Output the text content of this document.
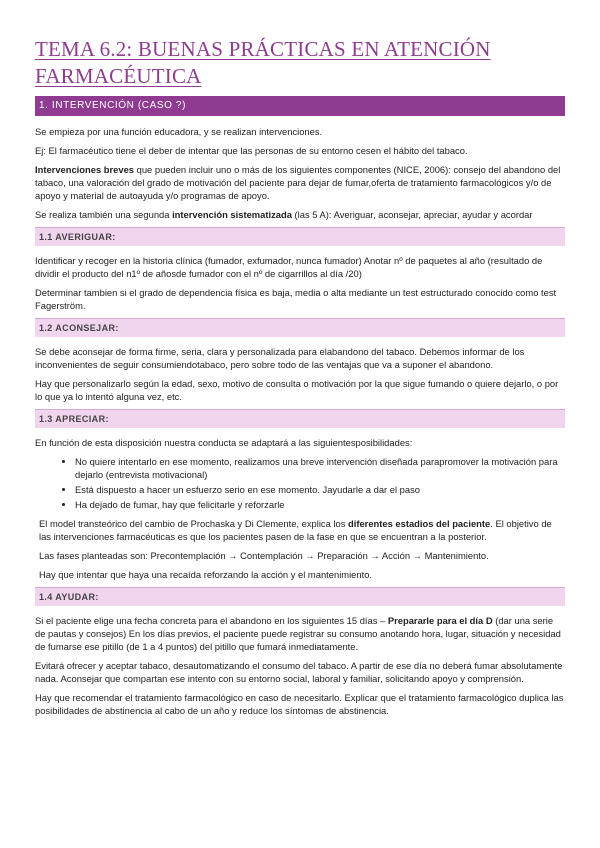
TEMA 6.2: BUENAS PRÁCTICAS EN ATENCIÓN
FARMACÉUTICA
1. INTERVENCIÓN (CASO ?)

Se empieza por una función educadora, y se realizan intervenciones.

Ej: El farmacéutico tiene el deber de intentar que las personas de su entorno cesen el hábito del tabaco.

Intervenciones breves que pueden incluir uno o más de los siguientes componentes (NICE, 2006): consejo del abandono del tabaco, una valoración del grado de motivación del paciente para dejar de fumar,oferta de tratamiento farmacológicos y/o de apoyo y material de autoayuda y/o programas de apoyo.

Se realiza también una segunda intervención sistematizada (las 5 A): Averiguar, aconsejar, apreciar, ayudar y acordar

1.1 AVERIGUAR:

Identificar y recoger en la historia clínica (fumador, exfumador, nunca fumador) Anotar nº de paquetes al año (resultado de dividir el producto del n1º de añosde fumador con el nº de cigarrillos al día /20)

Determinar tambien si el grado de dependencia física es baja, media o alta mediante un test estructurado conocido como test Fagerström.

1.2 ACONSEJAR:

Se debe aconsejar de forma firme, seria, clara y personalizada para elabandono del tabaco. Debemos informar de los inconvenientes de seguir consumiendotabaco, pero sobre todo de las ventajas que va a suponer el abandono.

Hay que personalizarlo según la edad, sexo, motivo de consulta o motivación por la que sigue fumando o quiere dejarlo, o por lo que ya lo intentó alguna vez, etc.

1.3 APRECIAR:

En función de esta disposición nuestra conducta se adaptará a las siguientesposibilidades:

• No quiere intentarlo en ese momento, realizamos una breve intervención diseñada parapromover la motivación para dejarlo (entrevista motivacional)
• Está dispuesto a hacer un esfuerzo serio en ese momento. Jayudarle a dar el paso
• Ha dejado de fumar, hay que felicitarle y reforzarle

El model transteórico del cambio de Prochaska y Di Clemente, explica los diferentes estadios del paciente. El objetivo de las intervenciones farmacéuticas es que los pacientes pasen de la fase en que se encuentran a la posterior.

Las fases planteadas son: Precontemplación → Contemplación → Preparación → Acción → Mantenimiento.

Hay que intentar que haya una recaída reforzando la acción y el mantenimiento.

1.4 AYUDAR:

Si el paciente elige una fecha concreta para el abandono en los siguientes 15 días – Prepararle para el día D (dar una serie de pautas y consejos) En los días previos, el paciente puede registrar su consumo anotando hora, lugar, situación y necesidad de fumarse ese pitillo (de 1 a 4 puntos) del pitillo que fumará inmediatamente.

Evitará ofrecer y aceptar tabaco, desautomatizando el consumo del tabaco. A partir de ese día no deberá fumar absolutamente nada. Aconsejar que compartan ese intento con su entorno social, laboral y familiar, solicitando apoyo y comprensión.

Hay que recomendar el tratamiento farmacológico en caso de necesitarlo. Explicar que el tratamiento farmacológico duplica las posibilidades de abstinencia al cabo de un año y reduce los síntomas de abstinencia.
